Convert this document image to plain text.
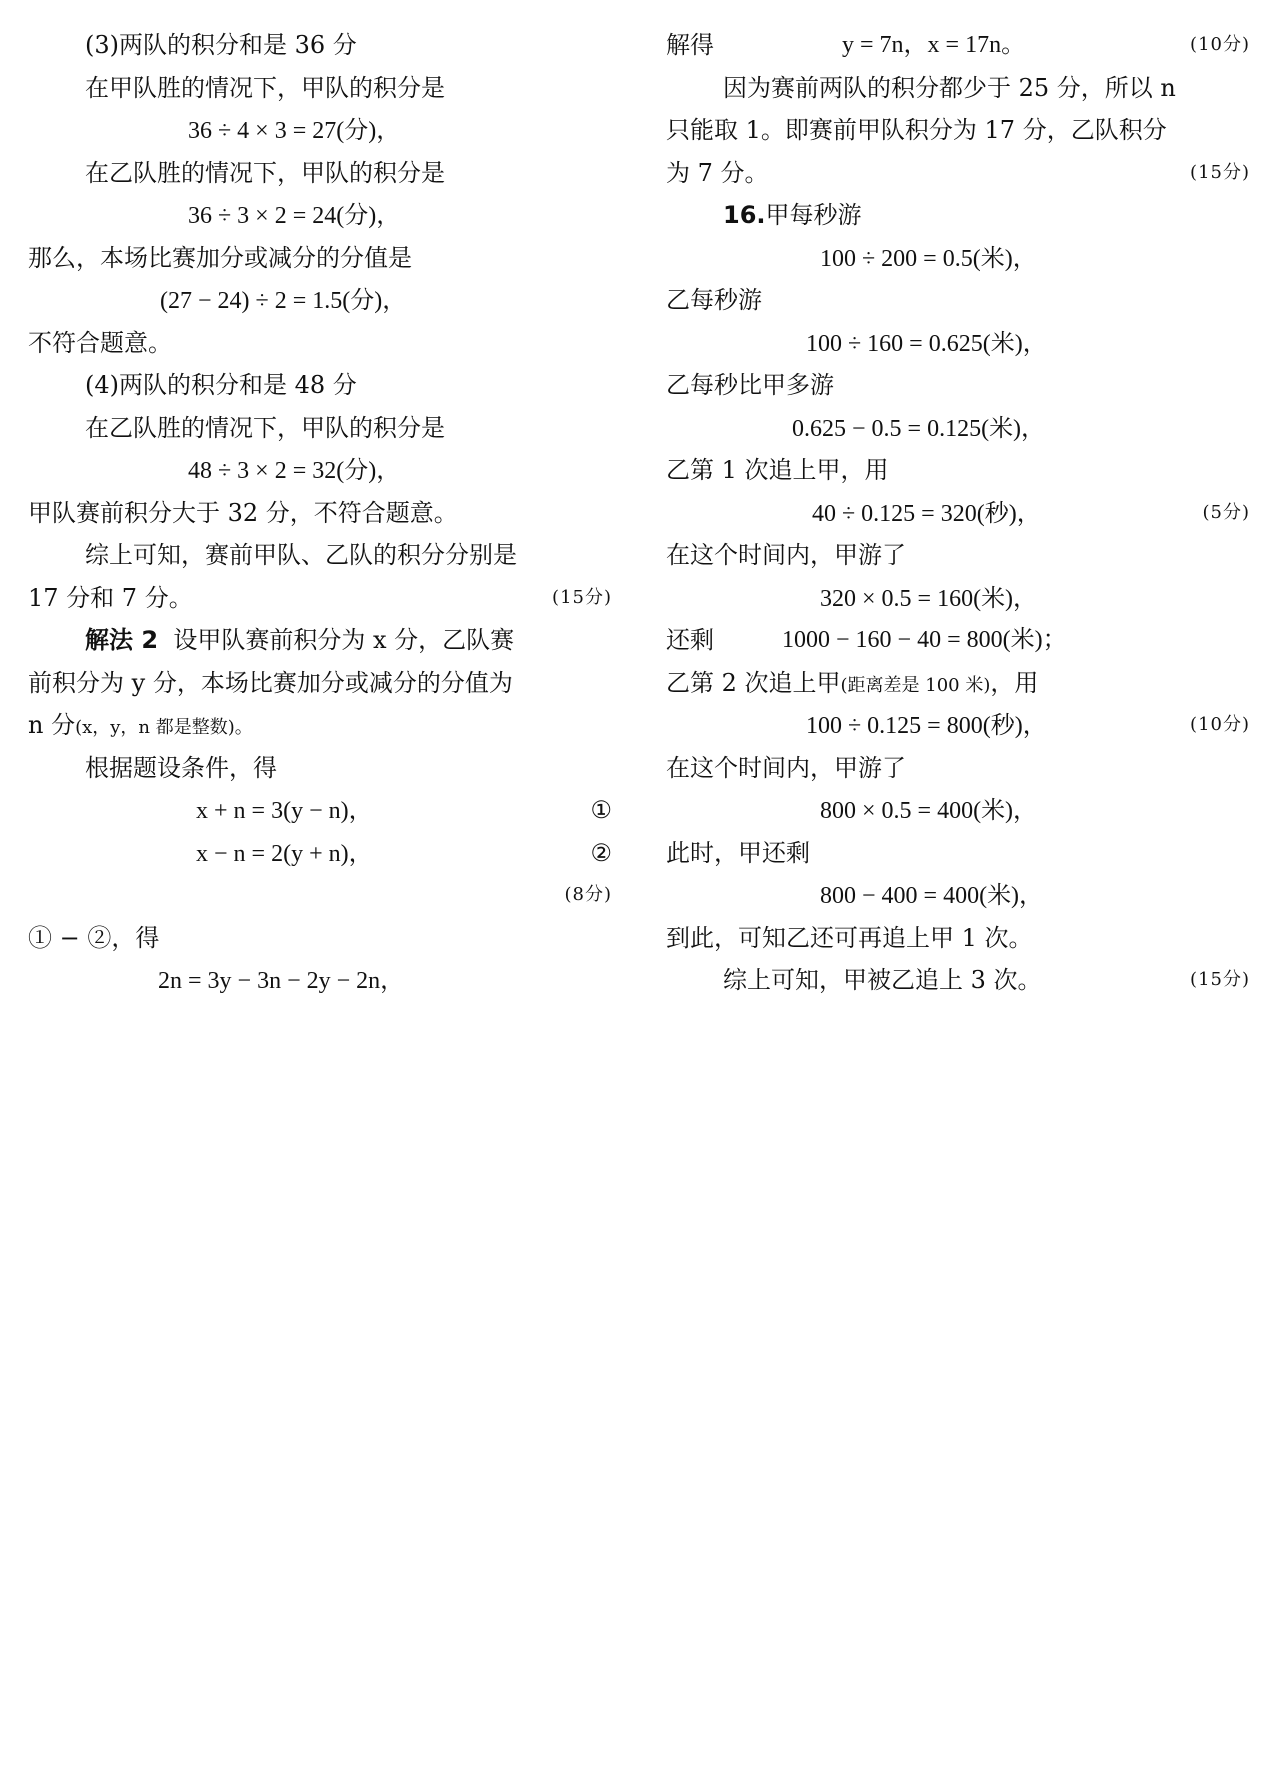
(3)两队的积分和是 36 分
在甲队胜的情况下，甲队的积分是
36 ÷ 4 × 3 = 27(分)，
在乙队胜的情况下，甲队的积分是
36 ÷ 3 × 2 = 24(分)，
那么，本场比赛加分或减分的分值是
(27 − 24) ÷ 2 = 1.5(分)，
不符合题意。
(4)两队的积分和是 48 分
在乙队胜的情况下，甲队的积分是
48 ÷ 3 × 2 = 32(分)，
甲队赛前积分大于 32 分，不符合题意。
综上可知，赛前甲队、乙队的积分分别是
17 分和 7 分。	(15分)
解法 2 设甲队赛前积分为 x 分，乙队赛
前积分为 y 分，本场比赛加分或减分的分值为
n 分(x，y，n 都是整数)。
根据题设条件，得
x + n = 3(y − n)，	①
x − n = 2(y + n)，	②
(8分)
① − ②，得
2n = 3y − 3n − 2y − 2n，
解得	y = 7n，x = 17n。	(10分)
因为赛前两队的积分都少于 25 分，所以 n
只能取 1。即赛前甲队积分为 17 分，乙队积分
为 7 分。	(15分)
16.甲每秒游
100 ÷ 200 = 0.5(米)，
乙每秒游
100 ÷ 160 = 0.625(米)，
乙每秒比甲多游
0.625 − 0.5 = 0.125(米)，
乙第 1 次追上甲，用
40 ÷ 0.125 = 320(秒)，	(5分)
在这个时间内，甲游了
320 × 0.5 = 160(米)，
还剩	1000 − 160 − 40 = 800(米)；
乙第 2 次追上甲(距离差是 100 米)，用
100 ÷ 0.125 = 800(秒)，	(10分)
在这个时间内，甲游了
800 × 0.5 = 400(米)，
此时，甲还剩
800 − 400 = 400(米)，
到此，可知乙还可再追上甲 1 次。
综上可知，甲被乙追上 3 次。	(15分)
